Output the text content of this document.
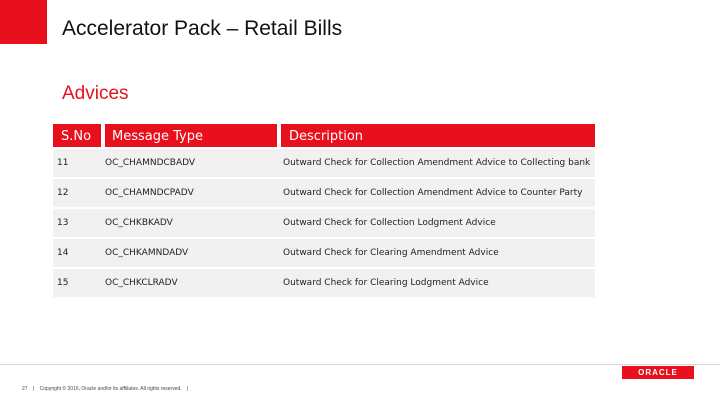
Accelerator Pack – Retail Bills
Advices
S.No	Message Type	Description
11	OC_CHAMNDCBADV	Outward Check for Collection Amendment Advice to Collecting bank
12	OC_CHAMNDCPADV	Outward Check for Collection Amendment Advice to Counter Party
13	OC_CHKBKADV	Outward Check for Collection Lodgment Advice
14	OC_CHKAMNDADV	Outward Check for Clearing Amendment Advice
15	OC_CHKCLRADV	Outward Check for Clearing Lodgment Advice
ORACLE
27 | Copyright © 2016, Oracle and/or its affiliates. All rights reserved. |
